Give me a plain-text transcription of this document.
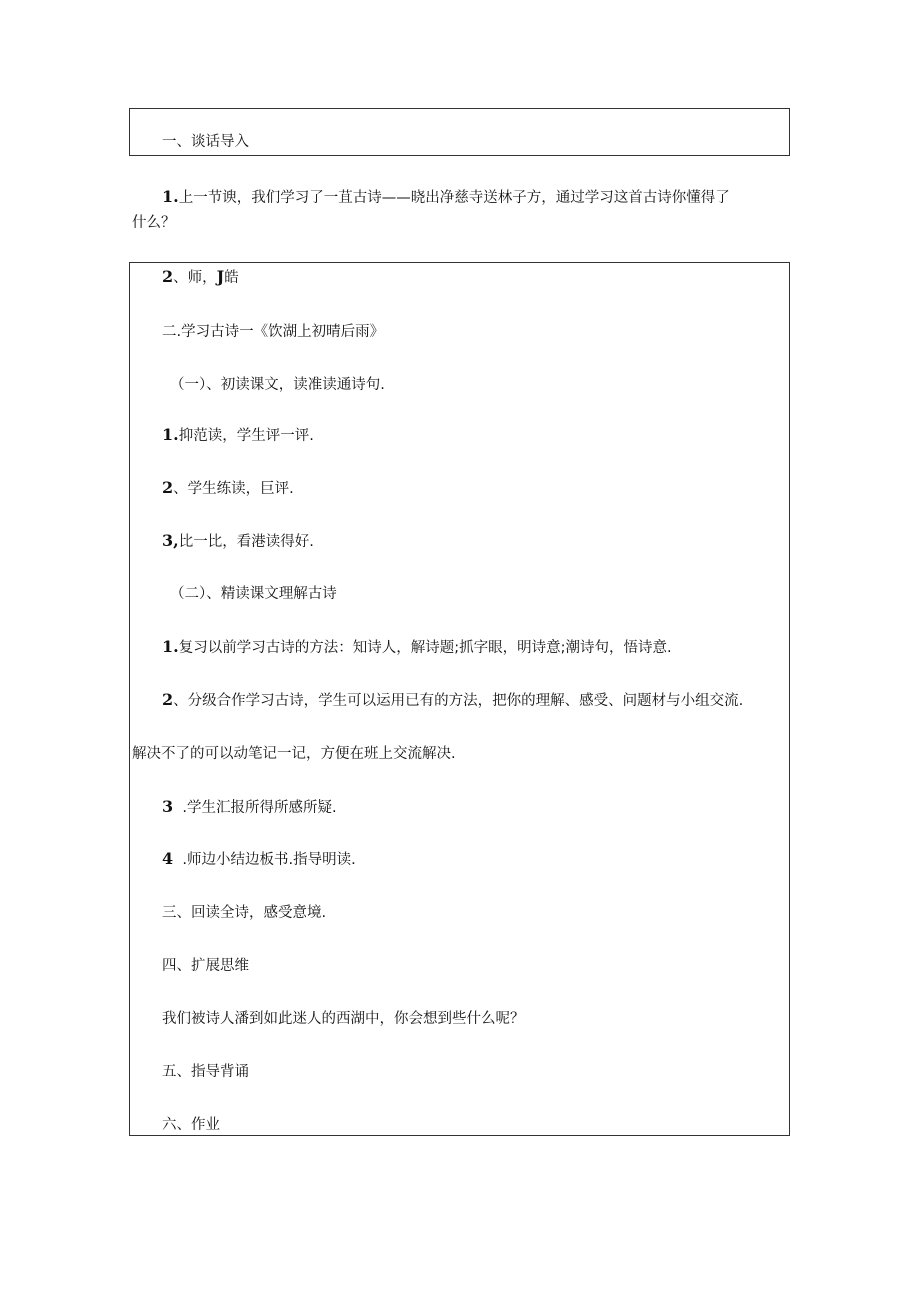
一、谈话导入
1.上一节谀，我们学习了一苴古诗——晓出净慈寺送林子方，通过学习这首古诗你懂得了
什么？
2、师，J皓
二.学习古诗一《饮湖上初晴后雨》
（一）、初读课文，读准读通诗句.
1.抑范读，学生评一评.
2、学生练读，巨评.
3,比一比，看港读得好.
（二）、精读课文理解古诗
1.复习以前学习古诗的方法：知诗人，解诗题;抓字眼，明诗意;潮诗句，悟诗意.
2、分级合作学习古诗，学生可以运用已有的方法，把你的理解、感受、问题材与小组交流.
解决不了的可以动笔记一记，方便在班上交流解决.
3  .学生汇报所得所感所疑.
4  .师边小结边板书.指导明读.
三、回读全诗，感受意境.
四、扩展思维
我们被诗人潘到如此迷人的西湖中，你会想到些什么呢？
五、指导背诵
六、作业
